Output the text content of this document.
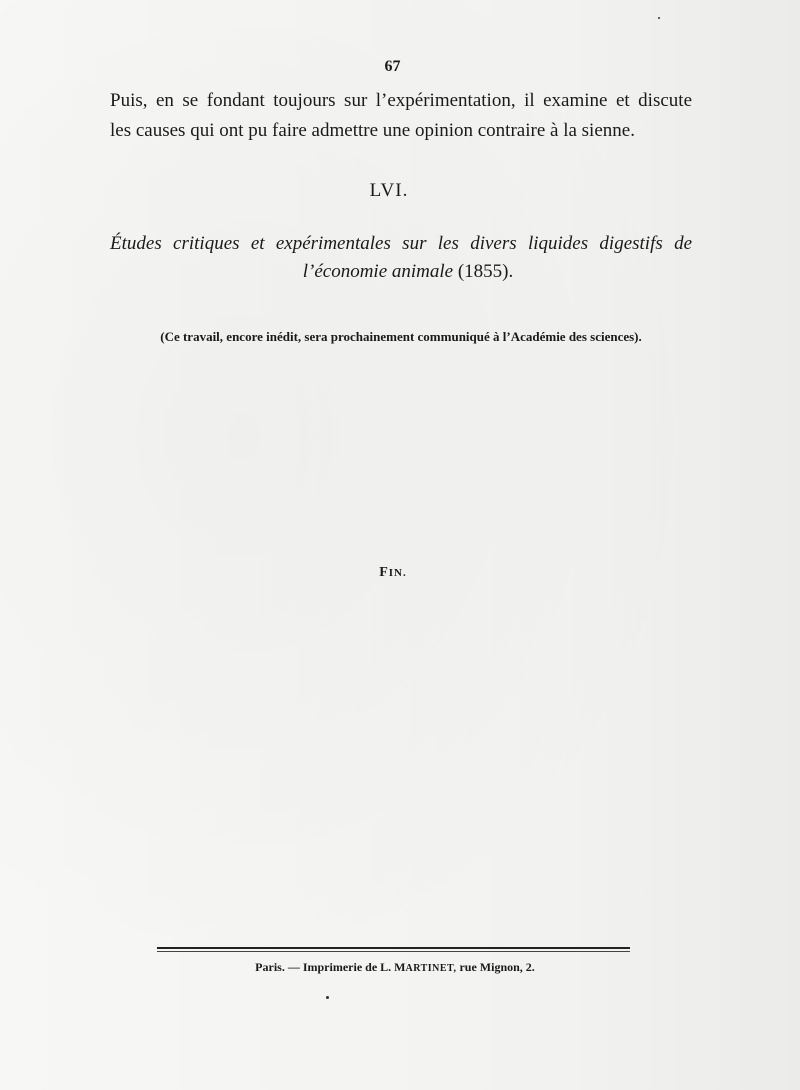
67

Puis, en se fondant toujours sur l’expérimentation, il examine et discute
les causes qui ont pu faire admettre une opinion contraire à la sienne.

LVI.

Études critiques et expérimentales sur les divers liquides digestifs de
l’économie animale (1855).

(Ce travail, encore inédit, sera prochainement communiqué à l’Académie des sciences).

FIN.
Paris. — Imprimerie de L. MARTINET, rue Mignon, 2.
